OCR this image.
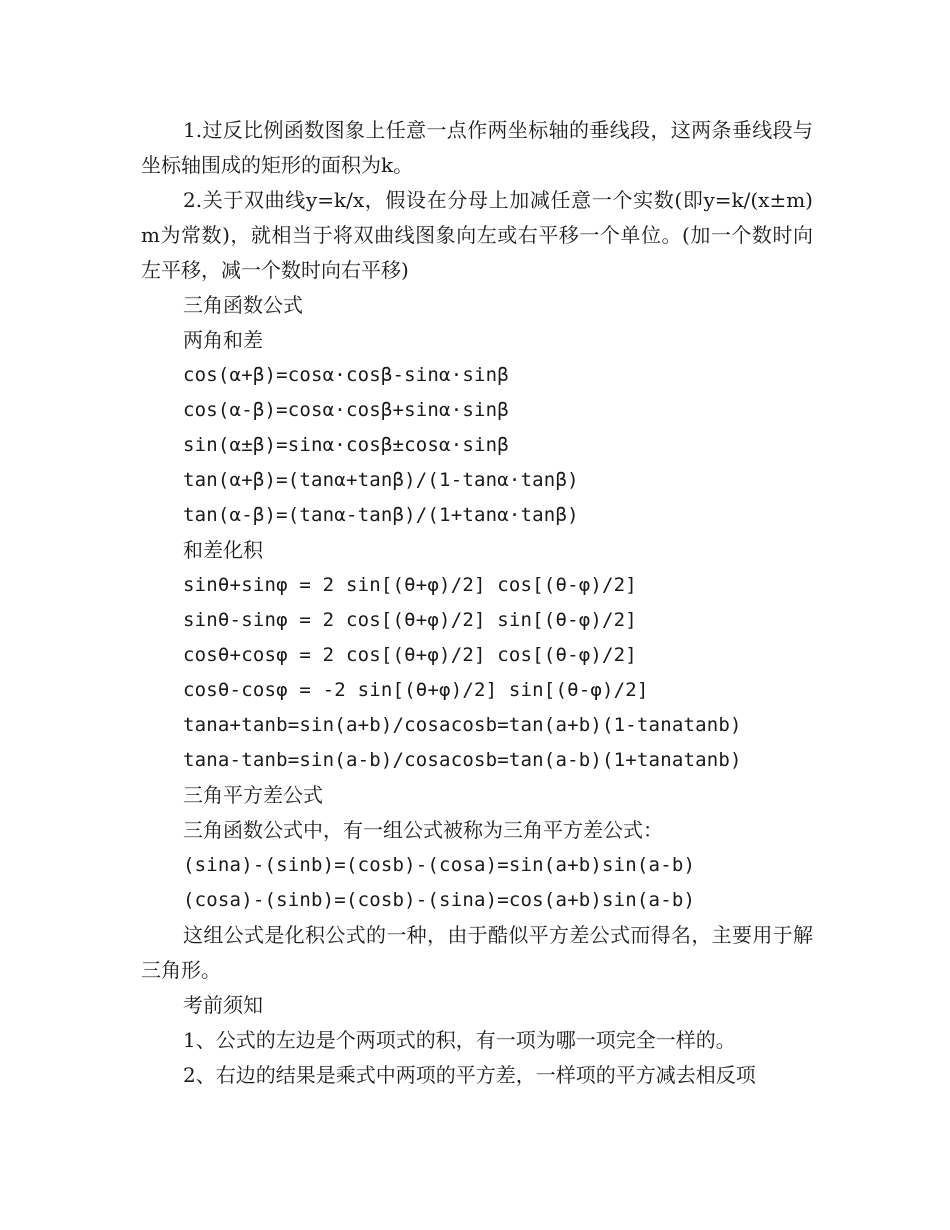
1.过反比例函数图象上任意一点作两坐标轴的垂线段，这两条垂线段与坐标轴围成的矩形的面积为k。

2.关于双曲线y=k/x，假设在分母上加减任意一个实数(即y=k/(x±m)m为常数)，就相当于将双曲线图象向左或右平移一个单位。(加一个数时向左平移，减一个数时向右平移)

三角函数公式

两角和差

cos(α+β)=cosα·cosβ-sinα·sinβ

cos(α-β)=cosα·cosβ+sinα·sinβ

sin(α±β)=sinα·cosβ±cosα·sinβ

tan(α+β)=(tanα+tanβ)/(1-tanα·tanβ)

tan(α-β)=(tanα-tanβ)/(1+tanα·tanβ)

和差化积

sinθ+sinφ = 2 sin[(θ+φ)/2] cos[(θ-φ)/2]

sinθ-sinφ = 2 cos[(θ+φ)/2] sin[(θ-φ)/2]

cosθ+cosφ = 2 cos[(θ+φ)/2] cos[(θ-φ)/2]

cosθ-cosφ = -2 sin[(θ+φ)/2] sin[(θ-φ)/2]

tana+tanb=sin(a+b)/cosacosb=tan(a+b)(1-tanatanb)

tana-tanb=sin(a-b)/cosacosb=tan(a-b)(1+tanatanb)

三角平方差公式

三角函数公式中，有一组公式被称为三角平方差公式：

(sina)-(sinb)=(cosb)-(cosa)=sin(a+b)sin(a-b)

(cosa)-(sinb)=(cosb)-(sina)=cos(a+b)sin(a-b)

这组公式是化积公式的一种，由于酷似平方差公式而得名，主要用于解三角形。

考前须知

1、公式的左边是个两项式的积，有一项为哪一项完全一样的。

2、右边的结果是乘式中两项的平方差，一样项的平方减去相反项
